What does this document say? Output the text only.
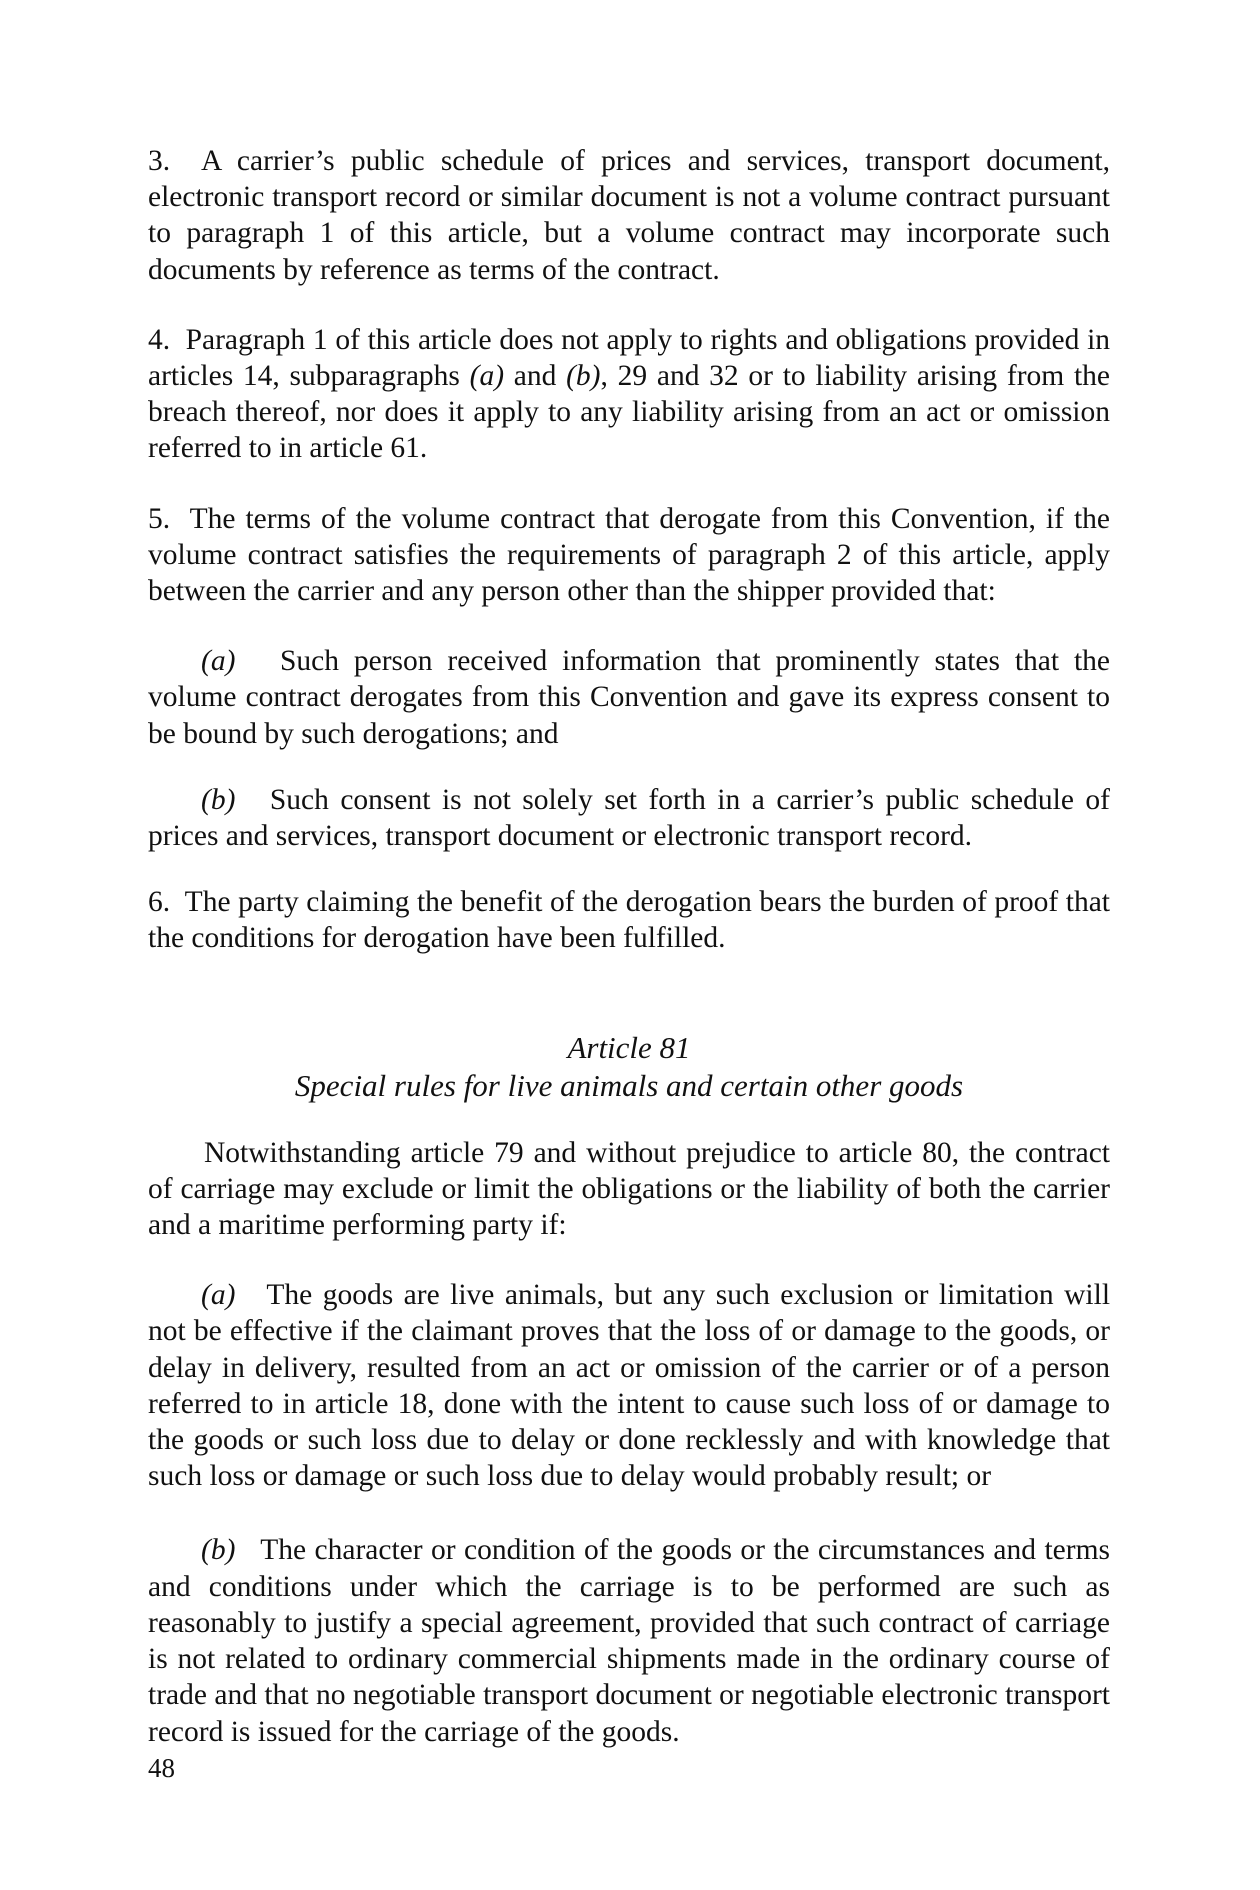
3. A carrier’s public schedule of prices and services, transport document, electronic transport record or similar document is not a volume contract pursuant to paragraph 1 of this article, but a volume contract may incorporate such documents by reference as terms of the contract.

4. Paragraph 1 of this article does not apply to rights and obligations provided in articles 14, subparagraphs (a) and (b), 29 and 32 or to liability arising from the breach thereof, nor does it apply to any liability arising from an act or omission referred to in article 61.

5. The terms of the volume contract that derogate from this Convention, if the volume contract satisfies the requirements of paragraph 2 of this article, apply between the carrier and any person other than the shipper provided that:

(a) Such person received information that prominently states that the volume contract derogates from this Convention and gave its express consent to be bound by such derogations; and

(b) Such consent is not solely set forth in a carrier’s public schedule of prices and services, transport document or electronic transport record.

6. The party claiming the benefit of the derogation bears the burden of proof that the conditions for derogation have been fulfilled.

Article 81
Special rules for live animals and certain other goods

Notwithstanding article 79 and without prejudice to article 80, the contract of carriage may exclude or limit the obligations or the liability of both the carrier and a maritime performing party if:

(a) The goods are live animals, but any such exclusion or limitation will not be effective if the claimant proves that the loss of or damage to the goods, or delay in delivery, resulted from an act or omission of the carrier or of a person referred to in article 18, done with the intent to cause such loss of or damage to the goods or such loss due to delay or done recklessly and with knowledge that such loss or damage or such loss due to delay would probably result; or

(b) The character or condition of the goods or the circumstances and terms and conditions under which the carriage is to be performed are such as reasonably to justify a special agreement, provided that such contract of carriage is not related to ordinary commercial shipments made in the ordinary course of trade and that no negotiable transport document or negotiable electronic transport record is issued for the carriage of the goods.

48
